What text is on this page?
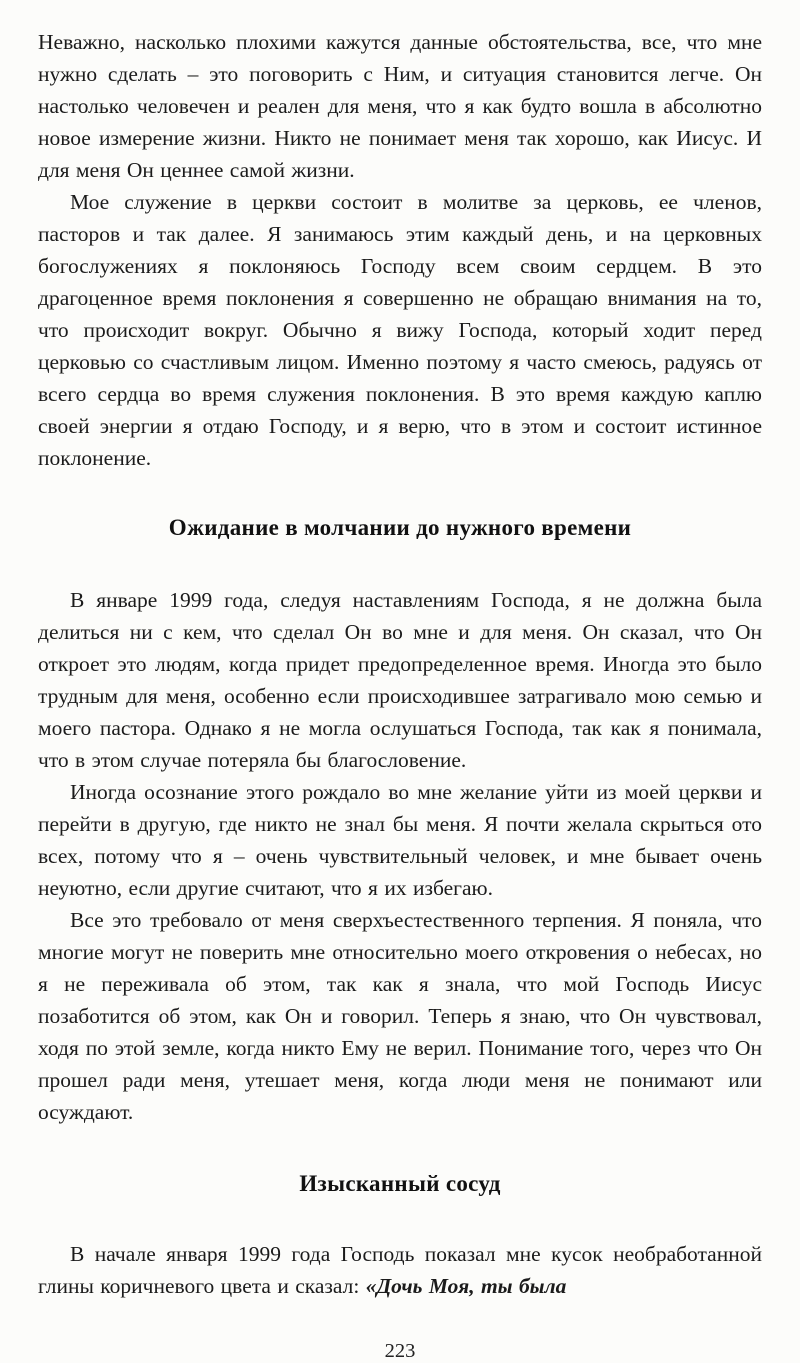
Неважно, насколько плохими кажутся данные обстоятельства, все, что мне нужно сделать – это поговорить с Ним, и ситуация становится легче. Он настолько человечен и реален для меня, что я как будто вошла в абсолютно новое измерение жизни. Никто не понимает меня так хорошо, как Иисус. И для меня Он ценнее самой жизни.

Мое служение в церкви состоит в молитве за церковь, ее членов, пасторов и так далее. Я занимаюсь этим каждый день, и на церковных богослужениях я поклоняюсь Господу всем своим сердцем. В это драгоценное время поклонения я совершенно не обращаю внимания на то, что происходит вокруг. Обычно я вижу Господа, который ходит перед церковью со счастливым лицом. Именно поэтому я часто смеюсь, радуясь от всего сердца во время служения поклонения. В это время каждую каплю своей энергии я отдаю Господу, и я верю, что в этом и состоит истинное поклонение.

Ожидание в молчании до нужного времени

В январе 1999 года, следуя наставлениям Господа, я не должна была делиться ни с кем, что сделал Он во мне и для меня. Он сказал, что Он откроет это людям, когда придет предопределенное время. Иногда это было трудным для меня, особенно если происходившее затрагивало мою семью и моего пастора. Однако я не могла ослушаться Господа, так как я понимала, что в этом случае потеряла бы благословение.

Иногда осознание этого рождало во мне желание уйти из моей церкви и перейти в другую, где никто не знал бы меня. Я почти желала скрыться ото всех, потому что я – очень чувствительный человек, и мне бывает очень неуютно, если другие считают, что я их избегаю.

Все это требовало от меня сверхъестественного терпения. Я поняла, что многие могут не поверить мне относительно моего откровения о небесах, но я не переживала об этом, так как я знала, что мой Господь Иисус позаботится об этом, как Он и говорил. Теперь я знаю, что Он чувствовал, ходя по этой земле, когда никто Ему не верил. Понимание того, через что Он прошел ради меня, утешает меня, когда люди меня не понимают или осуждают.

Изысканный сосуд

В начале января 1999 года Господь показал мне кусок необработанной глины коричневого цвета и сказал: «Дочь Моя, ты была

223
